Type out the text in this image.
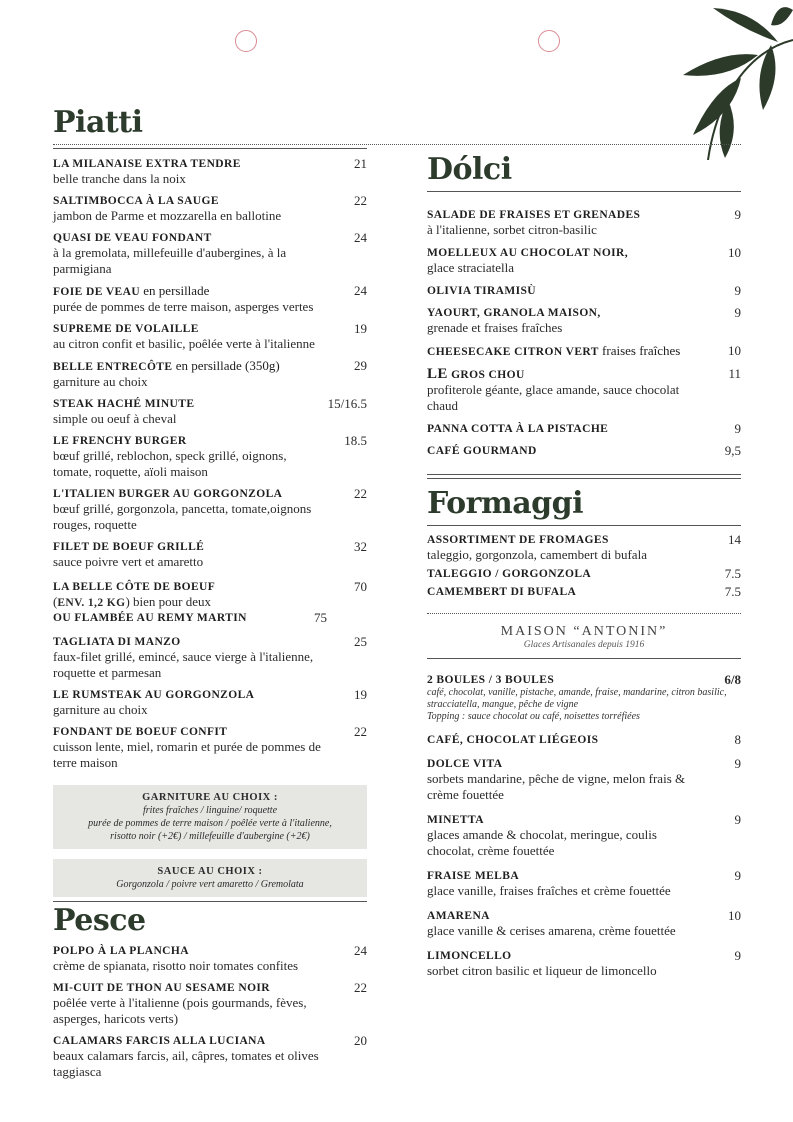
Piatti
LA MILANAISE EXTRA TENDRE	21
belle tranche dans la noix
SALTIMBOCCA À LA SAUGE	22
jambon de Parme et mozzarella en ballotine
QUASI DE VEAU FONDANT	24
à la gremolata, millefeuille d'aubergines, à la parmigiana
FOIE DE VEAU en persillade	24
purée de pommes de terre maison, asperges vertes
SUPREME DE VOLAILLE	19
au citron confit et basilic, poêlée verte à l'italienne
BELLE ENTRECÔTE en persillade (350g)	29
garniture au choix
STEAK HACHÉ MINUTE	15/16.5
simple ou oeuf à cheval
LE FRENCHY BURGER	18.5
bœuf grillé, reblochon, speck grillé, oignons, tomate, roquette, aïoli maison
L'ITALIEN BURGER AU GORGONZOLA	22
bœuf grillé, gorgonzola, pancetta, tomate,oignons rouges, roquette
FILET DE BOEUF GRILLÉ	32
sauce poivre vert et amaretto
LA BELLE CÔTE DE BOEUF	70
(ENV. 1,2 KG) bien pour deux
OU FLAMBÉE AU REMY MARTIN	75
TAGLIATA DI MANZO	25
faux-filet grillé, emincé, sauce vierge à l'italienne, roquette et parmesan
LE RUMSTEAK AU GORGONZOLA	19
garniture au choix
FONDANT DE BOEUF CONFIT	22
cuisson lente, miel, romarin et purée de pommes de terre maison
GARNITURE AU CHOIX :
frites fraîches / linguine/ roquette
purée de pommes de terre maison / poêlée verte à l'italienne,
risotto noir (+2€) / millefeuille d'aubergine (+2€)
SAUCE AU CHOIX :
Gorgonzola / poivre vert amaretto / Gremolata
Pesce
POLPO À LA PLANCHA	24
crème de spianata, risotto noir tomates confites
MI-CUIT DE THON AU SESAME NOIR	22
poêlée verte à l'italienne (pois gourmands, fèves, asperges, haricots verts)
CALAMARS FARCIS ALLA LUCIANA	20
beaux calamars farcis, ail, câpres, tomates et olives taggiasca
Dólci
SALADE DE FRAISES ET GRENADES	9
à l'italienne, sorbet citron-basilic
MOELLEUX AU CHOCOLAT NOIR,	10
glace straciatella
OLIVIA TIRAMISÙ	9
YAOURT, GRANOLA MAISON,	9
grenade et fraises fraîches
CHEESECAKE CITRON VERT fraises fraîches	10
LE GROS CHOU	11
profiterole géante, glace amande, sauce chocolat chaud
PANNA COTTA À LA PISTACHE	9
CAFÉ GOURMAND	9,5
Formaggi
ASSORTIMENT DE FROMAGES	14
taleggio, gorgonzola, camembert di bufala
TALEGGIO / GORGONZOLA	7.5
CAMEMBERT DI BUFALA	7.5
MAISON “ANTONIN”
Glaces Artisanales depuis 1916
2 BOULES / 3 BOULES	6/8
café, chocolat, vanille, pistache, amande, fraise, mandarine, citron basilic, stracciatella, mangue, pêche de vigne
Topping : sauce chocolat ou café, noisettes torréfiées
CAFÉ, CHOCOLAT LIÉGEOIS	8
DOLCE VITA	9
sorbets mandarine, pêche de vigne, melon frais & crème fouettée
MINETTA	9
glaces amande & chocolat, meringue, coulis chocolat, crème fouettée
FRAISE MELBA	9
glace vanille, fraises fraîches et crème fouettée
AMARENA	10
glace vanille & cerises amarena, crème fouettée
LIMONCELLO	9
sorbet citron basilic et liqueur de limoncello
